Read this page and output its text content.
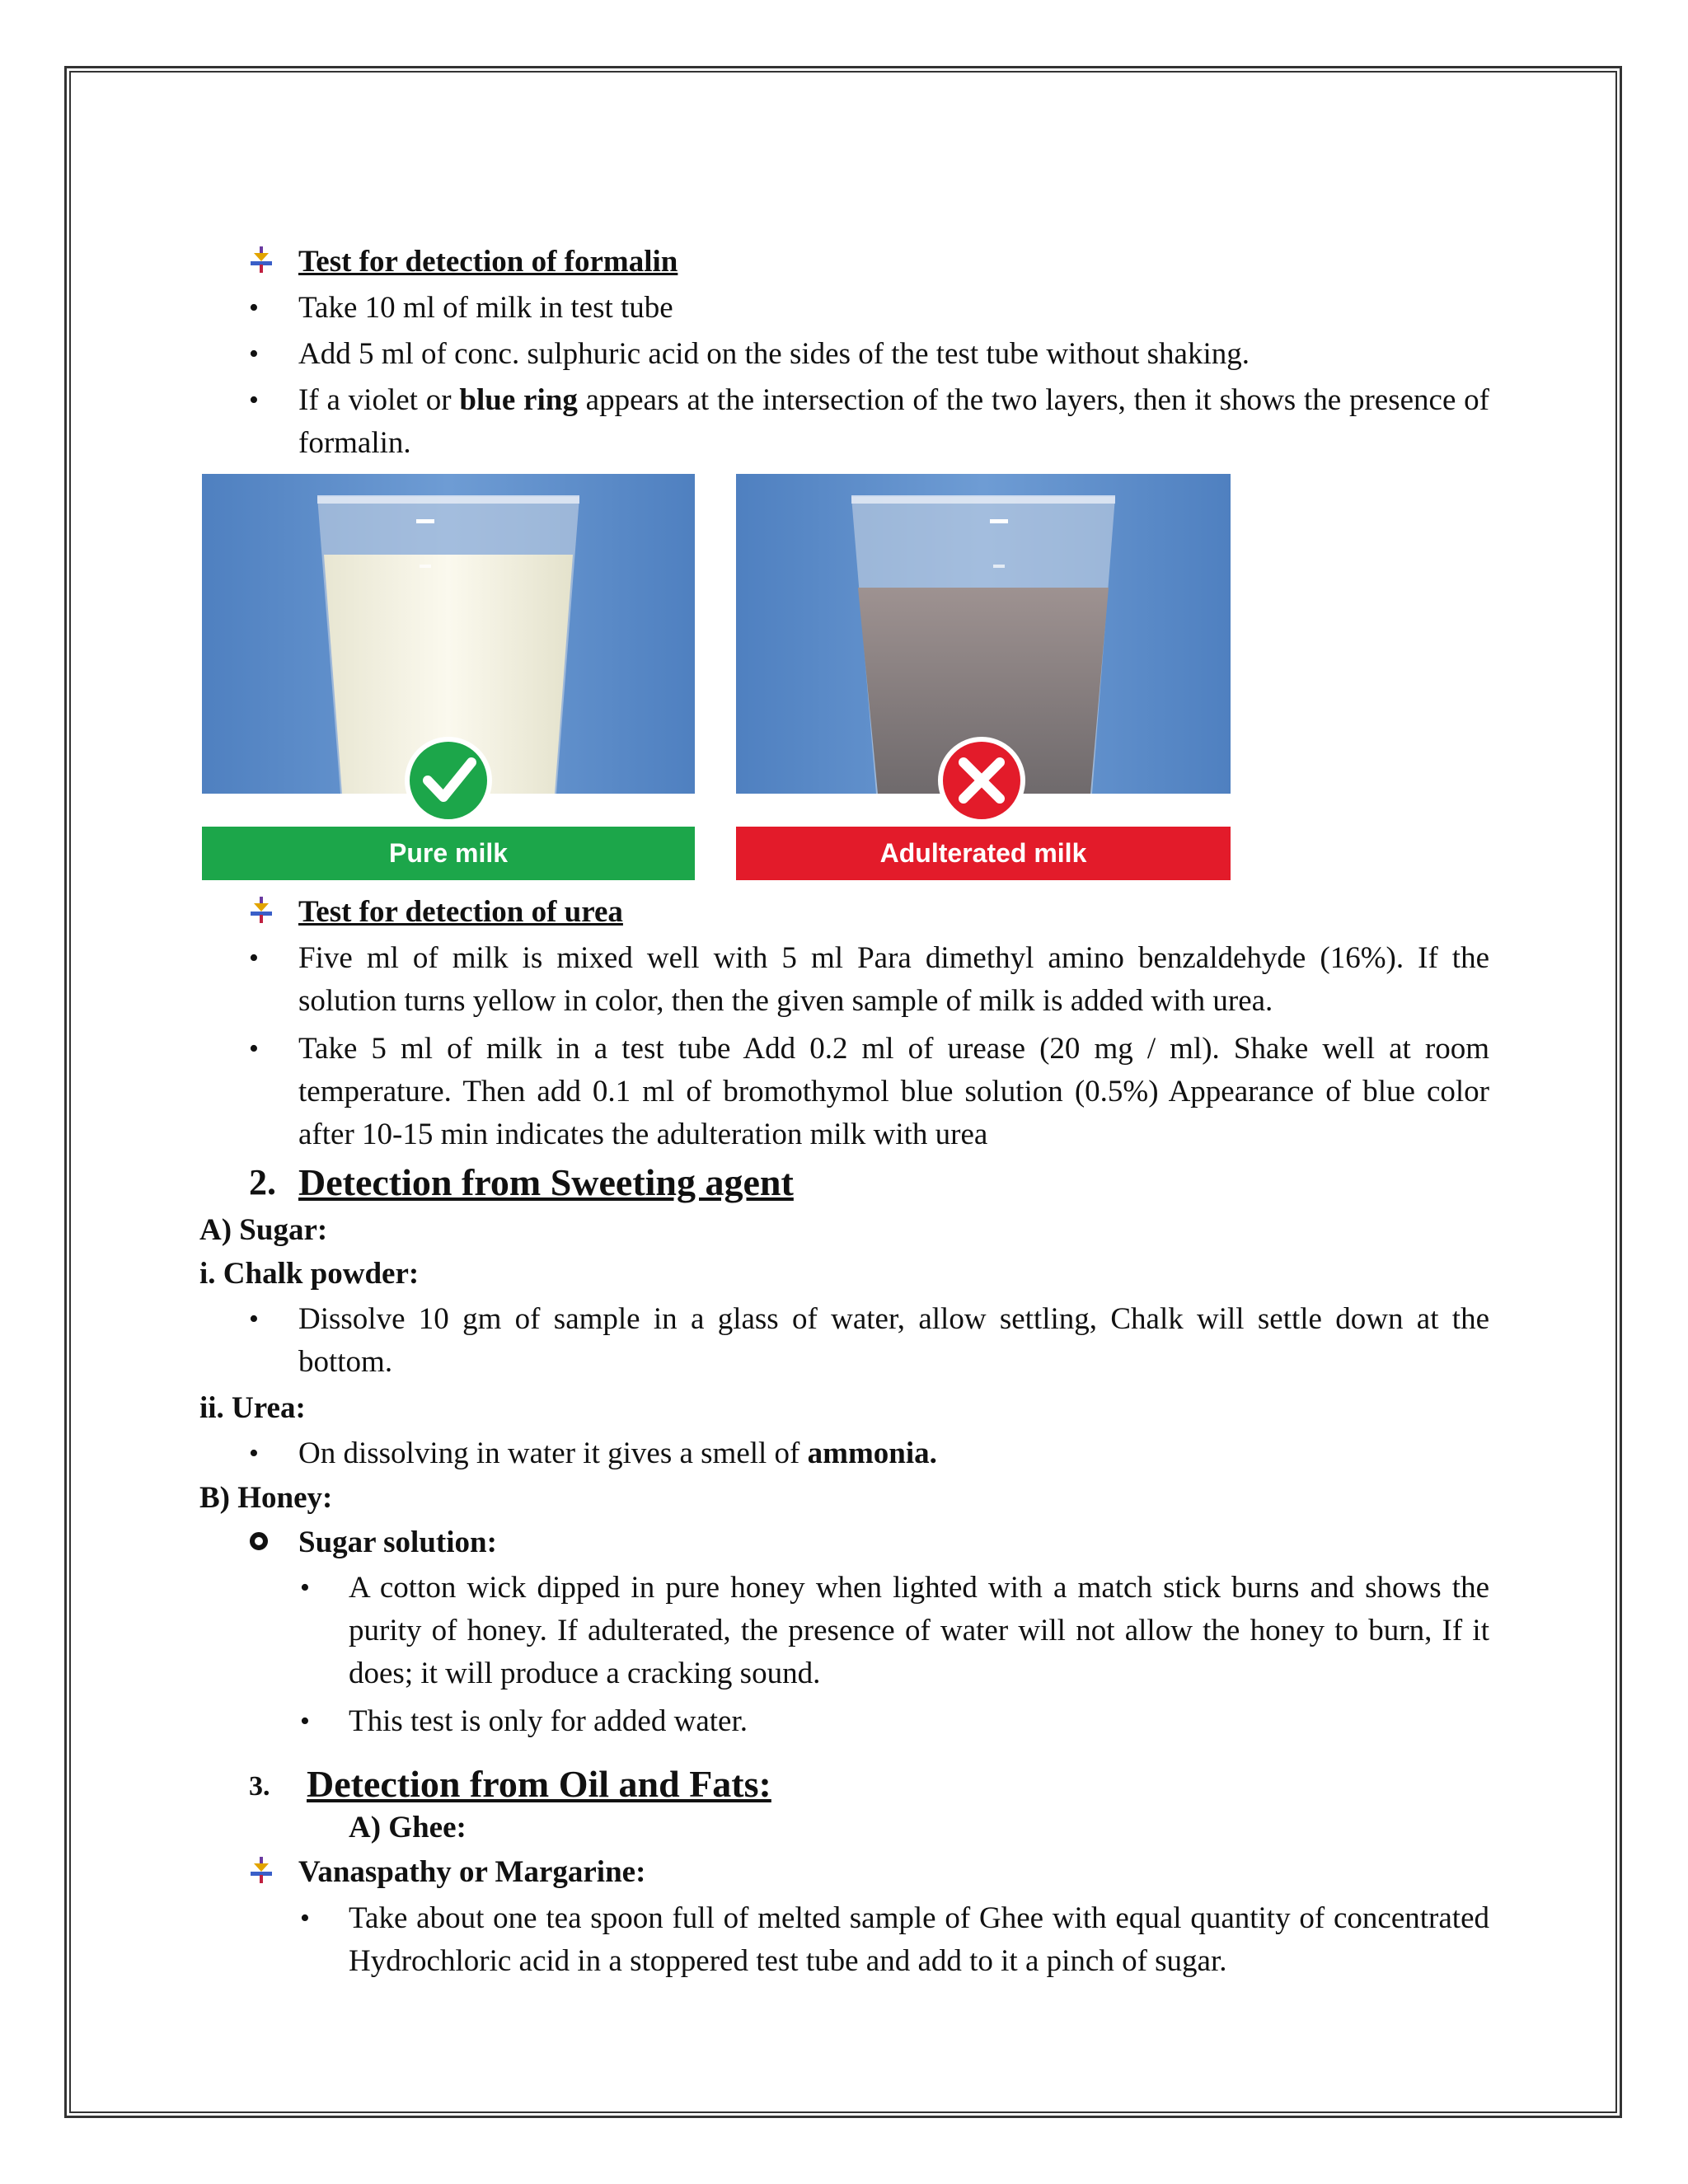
Test for detection of formalin
• Take 10 ml of milk in test tube
• Add 5 ml of conc. sulphuric acid on the sides of the test tube without shaking.
• If a violet or blue ring appears at the intersection of the two layers, then it shows the presence of formalin.
Pure milk	Adulterated milk
Test for detection of urea
• Five ml of milk is mixed well with 5 ml Para dimethyl amino benzaldehyde (16%). If the solution turns yellow in color, then the given sample of milk is added with urea.
• Take 5 ml of milk in a test tube Add 0.2 ml of urease (20 mg / ml). Shake well at room temperature. Then add 0.1 ml of bromothymol blue solution (0.5%) Appearance of blue color after 10-15 min indicates the adulteration milk with urea
2. Detection from Sweeting agent
A) Sugar:
i. Chalk powder:
• Dissolve 10 gm of sample in a glass of water, allow settling, Chalk will settle down at the bottom.
ii. Urea:
• On dissolving in water it gives a smell of ammonia.
B) Honey:
Sugar solution:
• A cotton wick dipped in pure honey when lighted with a match stick burns and shows the purity of honey. If adulterated, the presence of water will not allow the honey to burn, If it does; it will produce a cracking sound.
• This test is only for added water.
3. Detection from Oil and Fats:
A) Ghee:
Vanaspathy or Margarine:
• Take about one tea spoon full of melted sample of Ghee with equal quantity of concentrated Hydrochloric acid in a stoppered test tube and add to it a pinch of sugar.
